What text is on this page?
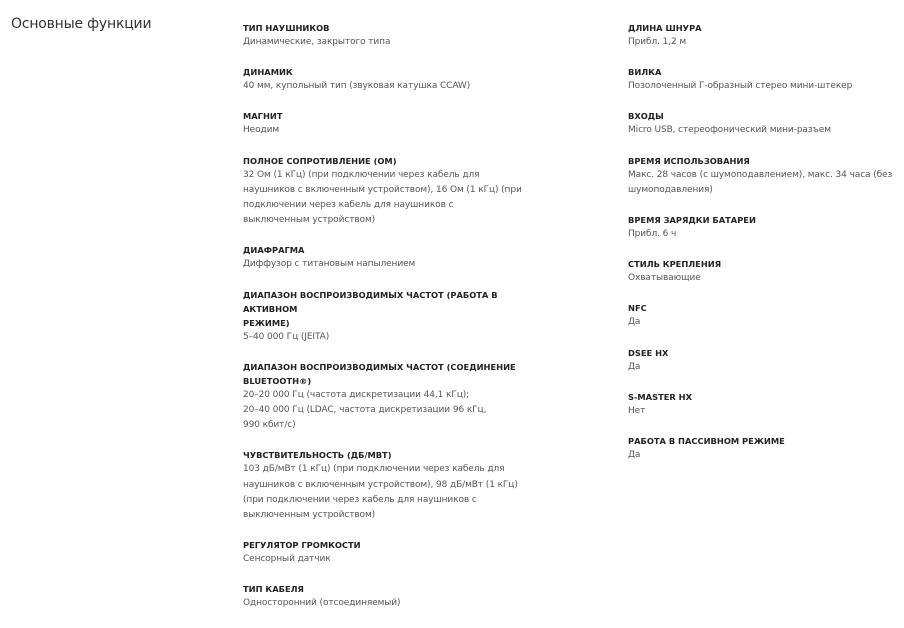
Основные функции	ТИП НАУШНИКОВ
Динамические, закрытого типа
ДИНАМИК
40 мм, купольный тип (звуковая катушка CCAW)
МАГНИТ
Неодим
ПОЛНОЕ СОПРОТИВЛЕНИЕ (ОМ)
32 Ом (1 кГц) (при подключении через кабель для
наушников с включенным устройством), 16 Ом (1 кГц) (при
подключении через кабель для наушников с
выключенным устройством)
ДИАФРАГМА
Диффузор с титановым напылением
ДИАПАЗОН ВОСПРОИЗВОДИМЫХ ЧАСТОТ (РАБОТА В АКТИВНОМ
РЕЖИМЕ)
5–40 000 Гц (JEITA)
ДИАПАЗОН ВОСПРОИЗВОДИМЫХ ЧАСТОТ (СОЕДИНЕНИЕ
BLUETOOTH®)
20–20 000 Гц (частота дискретизации 44,1 кГц);
20–40 000 Гц (LDAC, частота дискретизации 96 кГц,
990 кбит/с)
ЧУВСТВИТЕЛЬНОСТЬ (ДБ/МВТ)
103 дБ/мВт (1 кГц) (при подключении через кабель для
наушников с включенным устройством), 98 дБ/мВт (1 кГц)
(при подключении через кабель для наушников с
выключенным устройством)
РЕГУЛЯТОР ГРОМКОСТИ
Сенсорный датчик
ТИП КАБЕЛЯ
Односторонний (отсоединяемый)
ДЛИНА ШНУРА
Прибл. 1,2 м
ВИЛКА
Позолоченный Г-образный стерео мини-штекер
ВХОДЫ
Micro USB, стереофонический мини-разъем
ВРЕМЯ ИСПОЛЬЗОВАНИЯ
Макс. 28 часов (с шумоподавлением), макс. 34 часа (без
шумоподавления)
ВРЕМЯ ЗАРЯДКИ БАТАРЕИ
Прибл. 6 ч
СТИЛЬ КРЕПЛЕНИЯ
Охватывающие
NFC
Да
DSEE HX
Да
S-MASTER HX
Нет
РАБОТА В ПАССИВНОМ РЕЖИМЕ
Да
